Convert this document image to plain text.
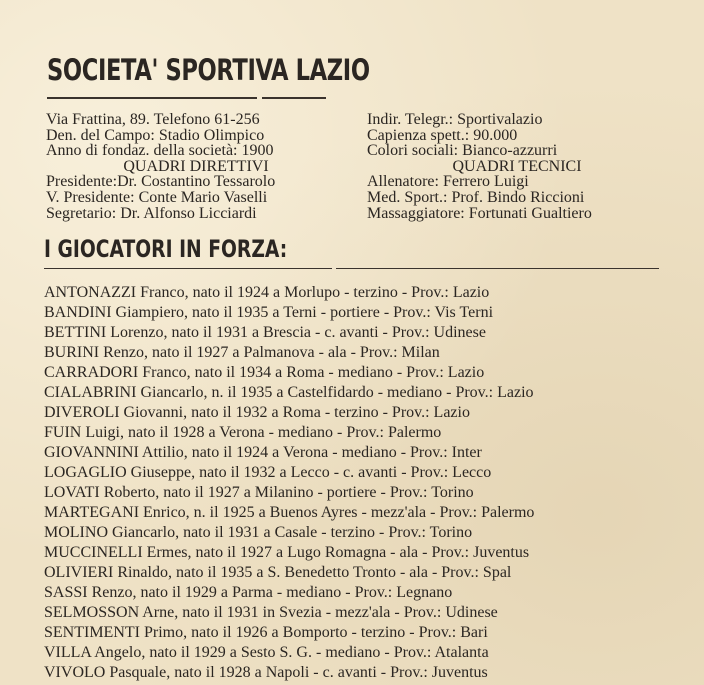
SOCIETA' SPORTIVA LAZIO
Via Frattina, 89. Telefono 61-256
Den. del Campo: Stadio Olimpico
Anno di fondaz. della società: 1900
QUADRI DIRETTIVI
Presidente:Dr. Costantino Tessarolo
V. Presidente: Conte Mario Vaselli
Segretario: Dr. Alfonso Licciardi
Indir. Telegr.: Sportivalazio
Capienza spett.: 90.000
Colori sociali: Bianco-azzurri
QUADRI TECNICI
Allenatore: Ferrero Luigi
Med. Sport.: Prof. Bindo Riccioni
Massaggiatore: Fortunati Gualtiero
I GIOCATORI IN FORZA:
ANTONAZZI Franco, nato il 1924 a Morlupo - terzino - Prov.: Lazio
BANDINI Giampiero, nato il 1935 a Terni - portiere - Prov.: Vis Terni
BETTINI Lorenzo, nato il 1931 a Brescia - c. avanti - Prov.: Udinese
BURINI Renzo, nato il 1927 a Palmanova - ala - Prov.: Milan
CARRADORI Franco, nato il 1934 a Roma - mediano - Prov.: Lazio
CIALABRINI Giancarlo, n. il 1935 a Castelfidardo - mediano - Prov.: Lazio
DIVEROLI Giovanni, nato il 1932 a Roma - terzino - Prov.: Lazio
FUIN Luigi, nato il 1928 a Verona - mediano - Prov.: Palermo
GIOVANNINI Attilio, nato il 1924 a Verona - mediano - Prov.: Inter
LOGAGLIO Giuseppe, nato il 1932 a Lecco - c. avanti - Prov.: Lecco
LOVATI Roberto, nato il 1927 a Milanino - portiere - Prov.: Torino
MARTEGANI Enrico, n. il 1925 a Buenos Ayres - mezz'ala - Prov.: Palermo
MOLINO Giancarlo, nato il 1931 a Casale - terzino - Prov.: Torino
MUCCINELLI Ermes, nato il 1927 a Lugo Romagna - ala - Prov.: Juventus
OLIVIERI Rinaldo, nato il 1935 a S. Benedetto Tronto - ala - Prov.: Spal
SASSI Renzo, nato il 1929 a Parma - mediano - Prov.: Legnano
SELMOSSON Arne, nato il 1931 in Svezia - mezz'ala - Prov.: Udinese
SENTIMENTI Primo, nato il 1926 a Bomporto - terzino - Prov.: Bari
VILLA Angelo, nato il 1929 a Sesto S. G. - mediano - Prov.: Atalanta
VIVOLO Pasquale, nato il 1928 a Napoli - c. avanti - Prov.: Juventus
